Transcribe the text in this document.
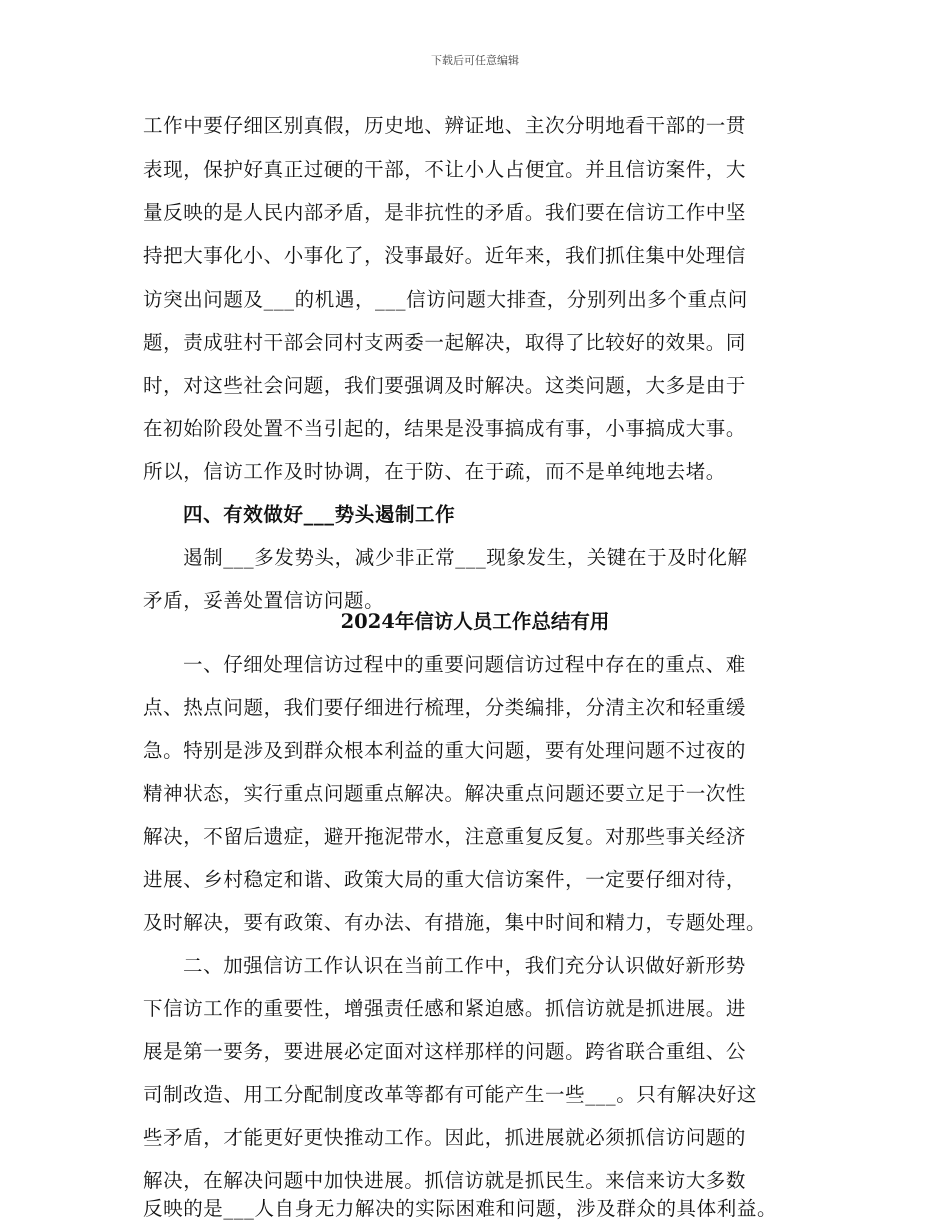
下载后可任意编辑
工作中要仔细区别真假，历史地、辨证地、主次分明地看干部的一贯
表现，保护好真正过硬的干部，不让小人占便宜。并且信访案件，大
量反映的是人民内部矛盾，是非抗性的矛盾。我们要在信访工作中坚
持把大事化小、小事化了，没事最好。近年来，我们抓住集中处理信
访突出问题及___的机遇，___信访问题大排查，分别列出多个重点问
题，责成驻村干部会同村支两委一起解决，取得了比较好的效果。同
时，对这些社会问题，我们要强调及时解决。这类问题，大多是由于
在初始阶段处置不当引起的，结果是没事搞成有事，小事搞成大事。
所以，信访工作及时协调，在于防、在于疏，而不是单纯地去堵。
四、有效做好___势头遏制工作
遏制___多发势头，减少非正常___现象发生，关键在于及时化解
矛盾，妥善处置信访问题。
一、仔细处理信访过程中的重要问题信访过程中存在的重点、难
点、热点问题，我们要仔细进行梳理，分类编排，分清主次和轻重缓
急。特别是涉及到群众根本利益的重大问题，要有处理问题不过夜的
精神状态，实行重点问题重点解决。解决重点问题还要立足于一次性
解决，不留后遗症，避开拖泥带水，注意重复反复。对那些事关经济
进展、乡村稳定和谐、政策大局的重大信访案件，一定要仔细对待，
及时解决，要有政策、有办法、有措施，集中时间和精力，专题处理。
二、加强信访工作认识在当前工作中，我们充分认识做好新形势
下信访工作的重要性，增强责任感和紧迫感。抓信访就是抓进展。进
展是第一要务，要进展必定面对这样那样的问题。跨省联合重组、公
司制改造、用工分配制度改革等都有可能产生一些___。只有解决好这
些矛盾，才能更好更快推动工作。因此，抓进展就必须抓信访问题的
解决，在解决问题中加快进展。抓信访就是抓民生。来信来访大多数
反映的是___人自身无力解决的实际困难和问题，涉及群众的具体利益。
2024年信访人员工作总结有用
